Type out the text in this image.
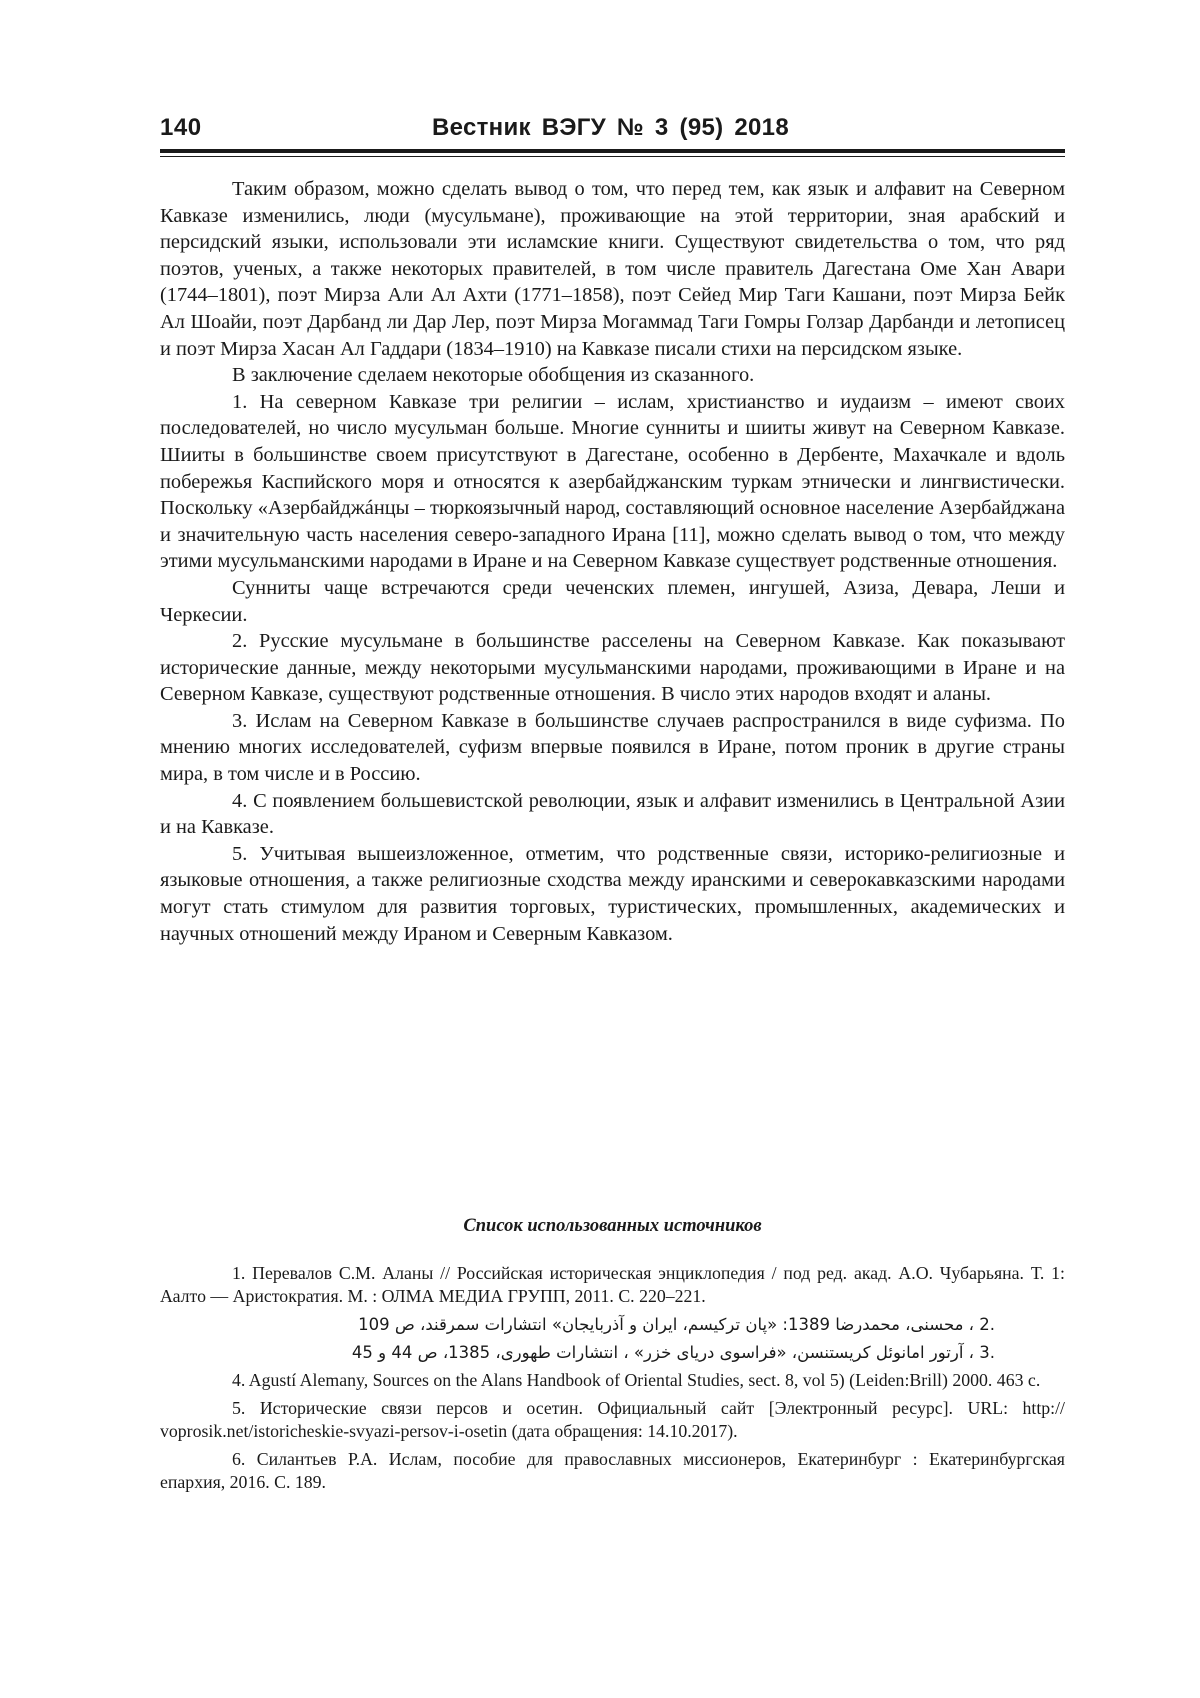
140	Вестник ВЭГУ № 3 (95) 2018

Таким образом, можно сделать вывод о том, что перед тем, как язык и алфавит на Северном Кавказе изменились, люди (мусульмане), проживающие на этой территории, зная арабский и персидский языки, использовали эти исламские книги. Существуют свидетельства о том, что ряд поэтов, ученых, а также некоторых правителей, в том числе правитель Дагестана Оме Хан Авари (1744–1801), поэт Мирза Али Ал Ахти (1771–1858), поэт Сейед Мир Таги Кашани, поэт Мирза Бейк Ал Шоайи, поэт Дарбанд ли Дар Лер, поэт Мирза Могаммад Таги Гомры Голзар Дарбанди и летописец и поэт Мирза Хасан Ал Гаддари (1834–1910) на Кавказе писали стихи на персидском языке.

В заключение сделаем некоторые обобщения из сказанного.

1. На северном Кавказе три религии – ислам, христианство и иудаизм – имеют своих последователей, но число мусульман больше. Многие сунниты и шииты живут на Северном Кавказе. Шииты в большинстве своем присутствуют в Дагестане, особенно в Дербенте, Махачкале и вдоль побережья Каспийского моря и относятся к азербайджанским туркам этнически и лингвистически. Поскольку «Азербайджáнцы – тюркоязычный народ, составляющий основное население Азербайджана и значительную часть населения северо-западного Ирана [11], можно сделать вывод о том, что между этими мусульманскими народами в Иране и на Северном Кавказе существует родственные отношения.

Сунниты чаще встречаются среди чеченских племен, ингушей, Азиза, Девара, Леши и Черкесии.

2. Русские мусульмане в большинстве расселены на Северном Кавказе. Как показывают исторические данные, между некоторыми мусульманскими народами, проживающими в Иране и на Северном Кавказе, существуют родственные отношения. В число этих народов входят и аланы.

3. Ислам на Северном Кавказе в большинстве случаев распространился в виде суфизма. По мнению многих исследователей, суфизм впервые появился в Иране, потом проник в другие страны мира, в том числе и в Россию.

4. С появлением большевистской революции, язык и алфавит изменились в Центральной Азии и на Кавказе.

5. Учитывая вышеизложенное, отметим, что родственные связи, историко-религиозные и языковые отношения, а также религиозные сходства между иранскими и северокавказскими народами могут стать стимулом для развития торговых, туристических, промышленных, академических и научных отношений между Ираном и Северным Кавказом.

Список использованных источников

1. Перевалов С.М. Аланы // Российская историческая энциклопедия / под ред. акад. А.О. Чубарьяна. Т. 1: Аалто — Аристократия. М. : ОЛМА МЕДИА ГРУПП, 2011. С. 220–221.

.2 ، محسنی، محمدرضا 1389: «پان ترکیسم، ایران و آذربایجان» انتشارات سمرقند، ص 109

.3 ، آرتور امانوئل کریستنسن، «فراسوی دریای خزر» ، انتشارات طهوری، 1385، ص 44 و 45

4. Agustí Alemany, Sources on the Alans Handbook of Oriental Studies, sect. 8, vol 5) (Leiden:Brill) 2000. 463 с.

5. Исторические связи персов и осетин. Официальный сайт [Электронный ресурс]. URL: http:// voprosik.net/istoricheskie-svyazi-persov-i-osetin (дата обращения: 14.10.2017).

6. Силантьев Р.А. Ислам, пособие для православных миссионеров, Екатеринбург : Екатеринбургская епархия, 2016. С. 189.
